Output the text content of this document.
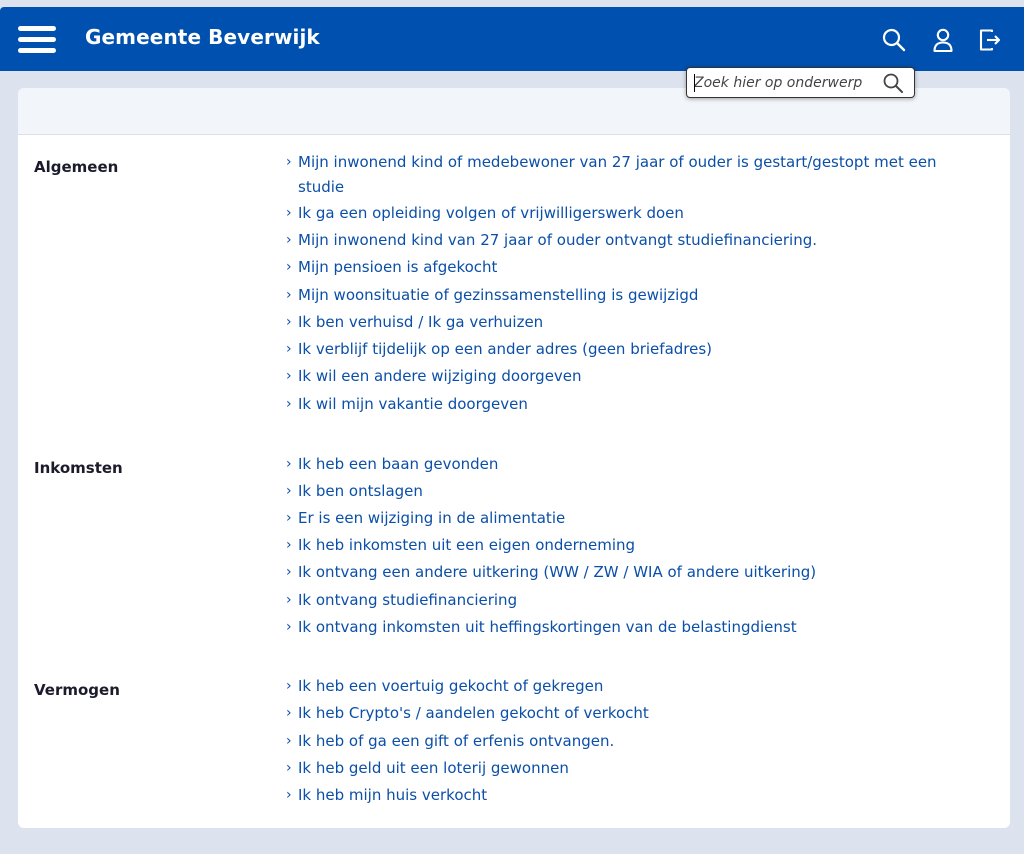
Gemeente Beverwijk
Algemeen	› Mijn inwonend kind of medebewoner van 27 jaar of ouder is gestart/gestopt met een studie
› Ik ga een opleiding volgen of vrijwilligerswerk doen
› Mijn inwonend kind van 27 jaar of ouder ontvangt studiefinanciering.
› Mijn pensioen is afgekocht
› Mijn woonsituatie of gezinssamenstelling is gewijzigd
› Ik ben verhuisd / Ik ga verhuizen
› Ik verblijf tijdelijk op een ander adres (geen briefadres)
› Ik wil een andere wijziging doorgeven
› Ik wil mijn vakantie doorgeven
Inkomsten	› Ik heb een baan gevonden
› Ik ben ontslagen
› Er is een wijziging in de alimentatie
› Ik heb inkomsten uit een eigen onderneming
› Ik ontvang een andere uitkering (WW / ZW / WIA of andere uitkering)
› Ik ontvang studiefinanciering
› Ik ontvang inkomsten uit heffingskortingen van de belastingdienst
Vermogen	› Ik heb een voertuig gekocht of gekregen
› Ik heb Crypto's / aandelen gekocht of verkocht
› Ik heb of ga een gift of erfenis ontvangen.
› Ik heb geld uit een loterij gewonnen
› Ik heb mijn huis verkocht
Zoek hier op onderwerp
